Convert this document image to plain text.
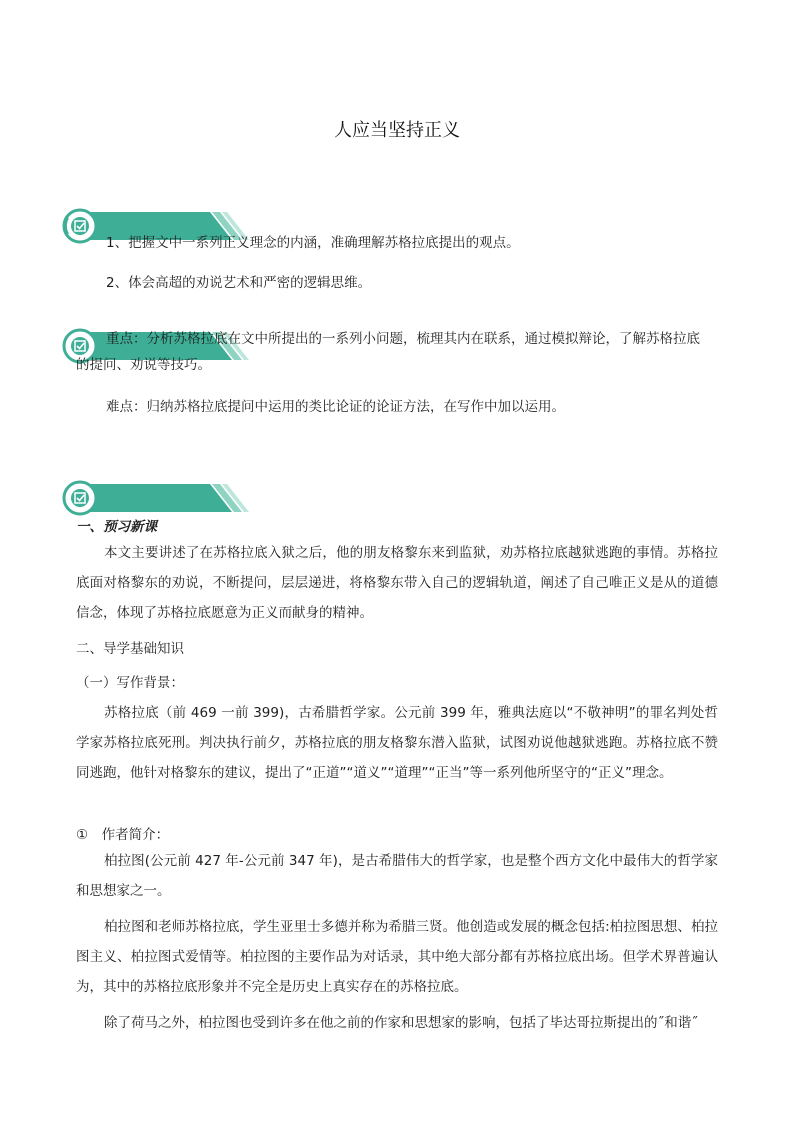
人应当坚持正义
1、把握文中一系列正义理念的内涵，准确理解苏格拉底提出的观点。
2、体会高超的劝说艺术和严密的逻辑思维。
重点：分析苏格拉底在文中所提出的一系列小问题，梳理其内在联系，通过模拟辩论，了解苏格拉底
的提问、劝说等技巧。
难点：归纳苏格拉底提问中运用的类比论证的论证方法，在写作中加以运用。
一、预习新课
本文主要讲述了在苏格拉底入狱之后，他的朋友格黎东来到监狱，劝苏格拉底越狱逃跑的事情。苏格拉底面对格黎东的劝说，不断提问，层层递进，将格黎东带入自己的逻辑轨道，阐述了自己唯正义是从的道德信念，体现了苏格拉底愿意为正义而献身的精神。
二、导学基础知识
（一）写作背景：
苏格拉底（前 469 一前 399)，古希腊哲学家。公元前 399 年，雅典法庭以“不敬神明”的罪名判处哲学家苏格拉底死刑。判决执行前夕，苏格拉底的朋友格黎东潜入监狱，试图劝说他越狱逃跑。苏格拉底不赞同逃跑，他针对格黎东的建议，提出了“正道”“道义”“道理”“正当”等一系列他所坚守的“正义”理念。
①　作者简介：
柏拉图(公元前 427 年-公元前 347 年)，是古希腊伟大的哲学家，也是整个西方文化中最伟大的哲学家和思想家之一。
柏拉图和老师苏格拉底，学生亚里士多德并称为希腊三贤。他创造或发展的概念包括:柏拉图思想、柏拉图主义、柏拉图式爱情等。柏拉图的主要作品为对话录，其中绝大部分都有苏格拉底出场。但学术界普遍认为，其中的苏格拉底形象并不完全是历史上真实存在的苏格拉底。
除了荷马之外，柏拉图也受到许多在他之前的作家和思想家的影响，包括了毕达哥拉斯提出的˝和谐˝
